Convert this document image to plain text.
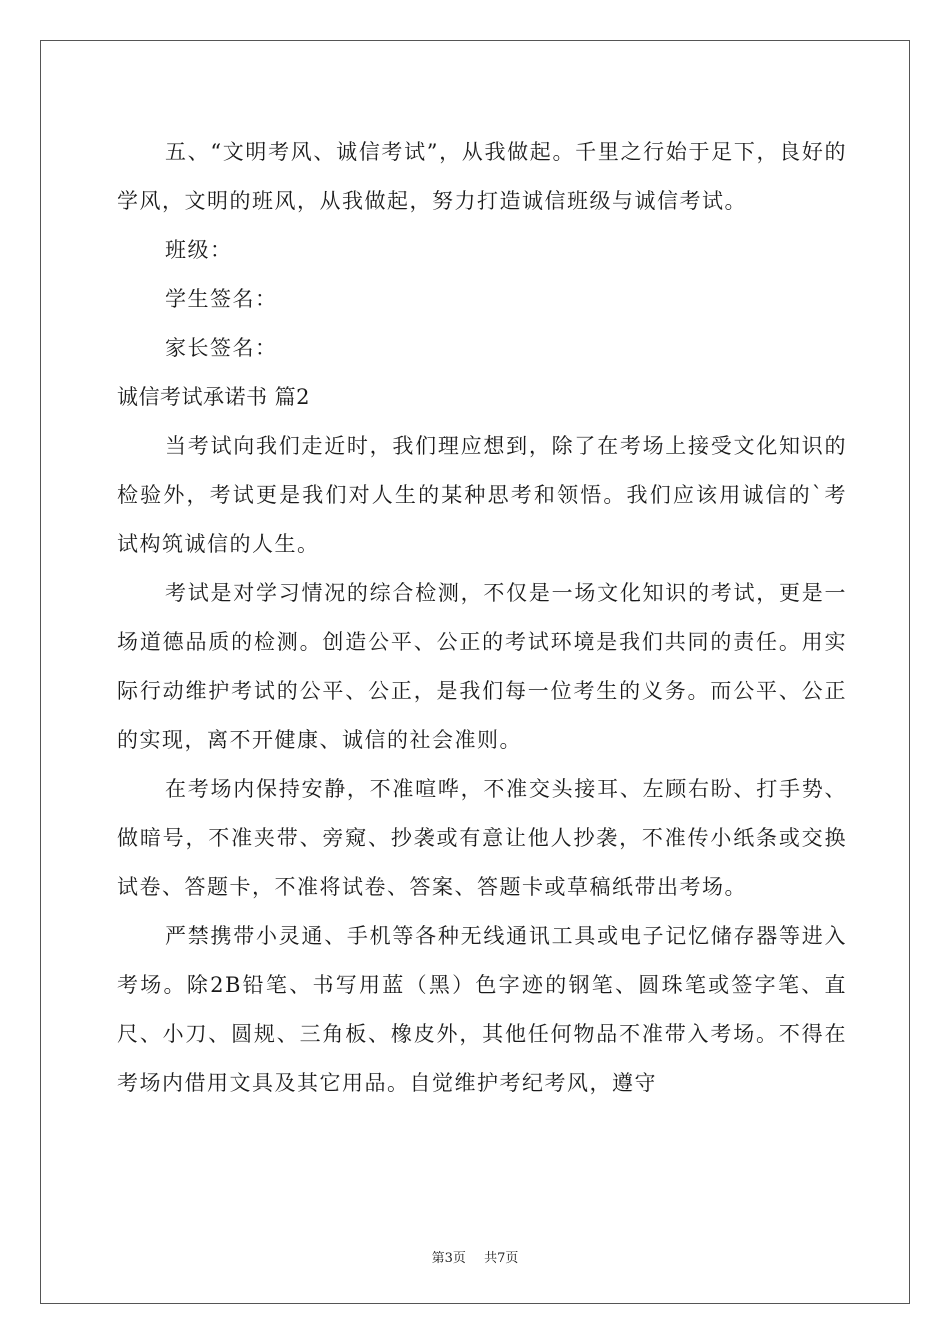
五、“文明考风、诚信考试”，从我做起。千里之行始于足下，良好的学风，文明的班风，从我做起，努力打造诚信班级与诚信考试。

班级：

学生签名：

家长签名：

诚信考试承诺书 篇2

当考试向我们走近时，我们理应想到，除了在考场上接受文化知识的检验外，考试更是我们对人生的某种思考和领悟。我们应该用诚信的`考试构筑诚信的人生。

考试是对学习情况的综合检测，不仅是一场文化知识的考试，更是一场道德品质的检测。创造公平、公正的考试环境是我们共同的责任。用实际行动维护考试的公平、公正，是我们每一位考生的义务。而公平、公正的实现，离不开健康、诚信的社会准则。

在考场内保持安静，不准喧哗，不准交头接耳、左顾右盼、打手势、做暗号，不准夹带、旁窥、抄袭或有意让他人抄袭，不准传小纸条或交换试卷、答题卡，不准将试卷、答案、答题卡或草稿纸带出考场。

严禁携带小灵通、手机等各种无线通讯工具或电子记忆储存器等进入考场。除2B铅笔、书写用蓝（黑）色字迹的钢笔、圆珠笔或签字笔、直尺、小刀、圆规、三角板、橡皮外，其他任何物品不准带入考场。不得在考场内借用文具及其它用品。自觉维护考纪考风，遵守

第3页 共7页
